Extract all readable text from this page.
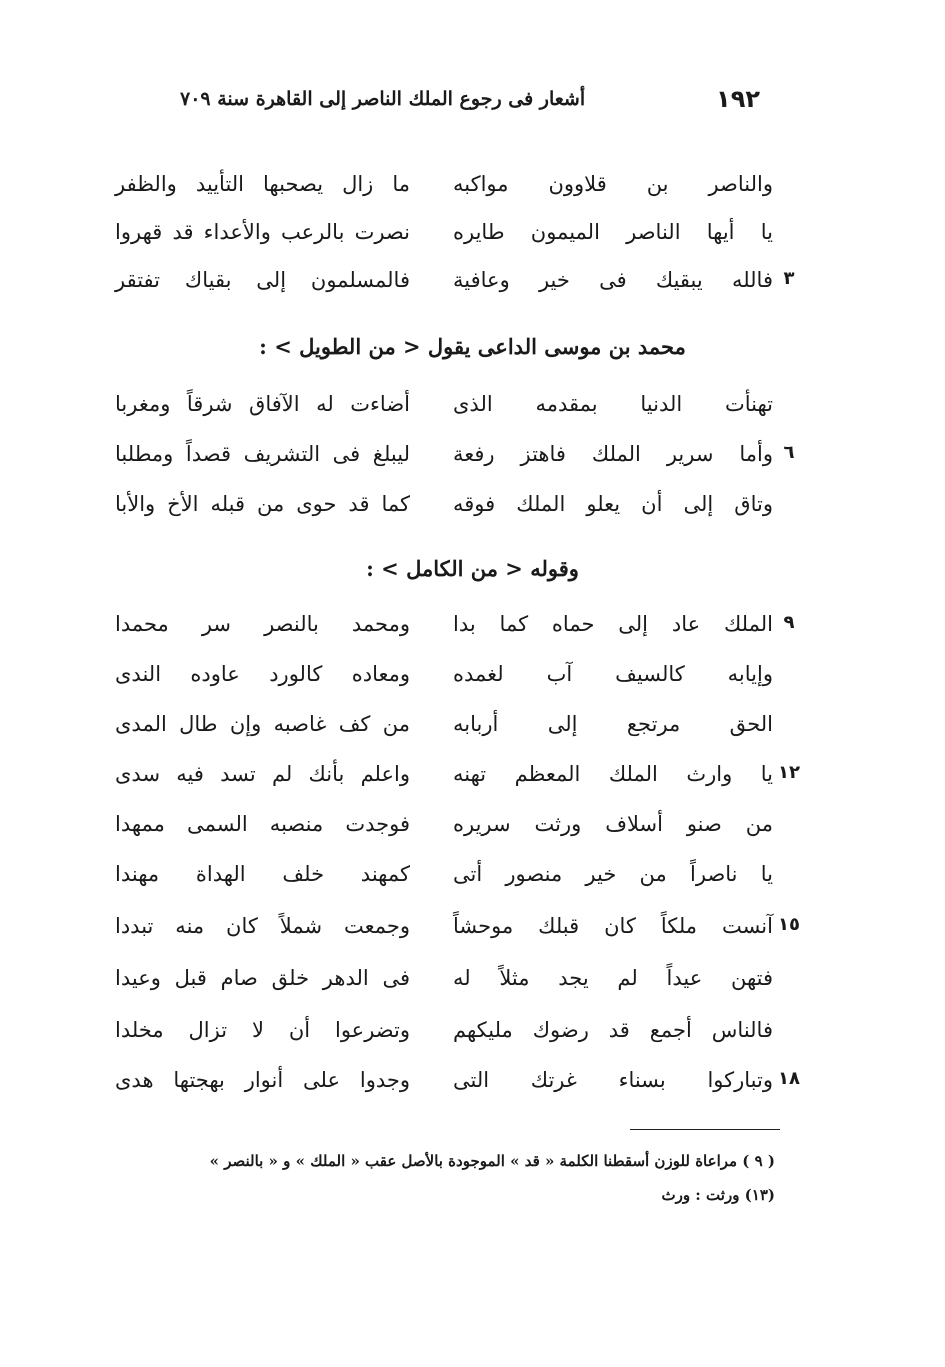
١٩٢
أشعار فى رجوع الملك الناصر إلى القاهرة سنة ٧٠٩
والناصر بن قلاوون مواكبه
ما زال يصحبها التأييد والظفر
يا أيها الناصر الميمون طايره
نصرت بالرعب والأعداء قد قهروا
٣
فالله يبقيك فى خير وعافية
فالمسلمون إلى بقياك تفتقر
محمد بن موسى الداعى يقول < من الطويل > :
تهنأت الدنيا بمقدمه الذى
أضاءت له الآفاق شرقاً ومغربا
٦
وأما سرير الملك فاهتز رفعة
ليبلغ فى التشريف قصداً ومطلبا
وتاق إلى أن يعلو الملك فوقه
كما قد حوى من قبله الأخ والأبا
وقوله < من الكامل > :
٩
الملك عاد إلى حماه كما بدا
ومحمد بالنصر سر محمدا
وإيابه كالسيف آب لغمده
ومعاده كالورد عاوده الندى
الحق مرتجع إلى أربابه
من كف غاصبه وإن طال المدى
١٢
يا وارث الملك المعظم تهنه
واعلم بأنك لم تسد فيه سدى
من صنو أسلاف ورثت سريره
فوجدت منصبه السمى ممهدا
يا ناصراً من خير منصور أتى
كمهند خلف الهداة مهندا
١٥
آنست ملكاً كان قبلك موحشاً
وجمعت شملاً كان منه تبددا
فتهن عيداً لم يجد مثلاً له
فى الدهر خلق صام قبل وعيدا
فالناس أجمع قد رضوك مليكهم
وتضرعوا أن لا تزال مخلدا
١٨
وتباركوا بسناء غرتك التى
وجدوا على أنوار بهجتها هدى
( ٩ ) مراعاة للوزن أسقطنا الكلمة « قد » الموجودة بالأصل عقب « الملك » و « بالنصر »
(١٣) ورثت : ورث
